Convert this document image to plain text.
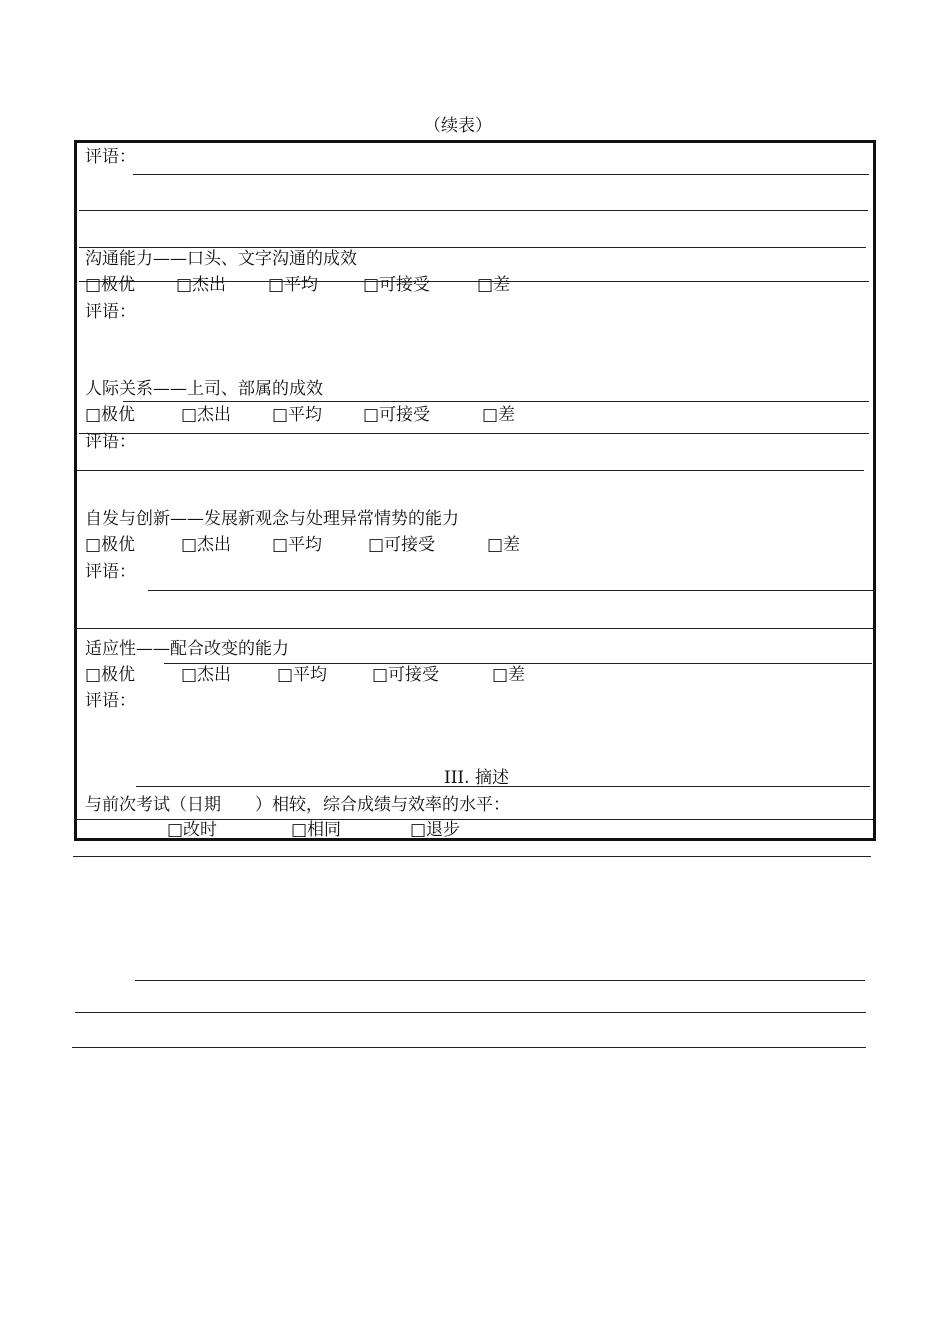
（续表）
评语：
沟通能力——口头、文字沟通的成效
□极优 □杰出 □平均	□可接受	□差
评语：
人际关系——上司、部属的成效
□极优	□杰出 □平均 □可接受	□差
评语：
自发与创新——发展新观念与处理异常情势的能力
□极优	□杰出 □平均	□可接受	□差
评语：
适应性——配合改变的能力
□极优	□杰出	□平均	□可接受	□差
评语：
III. 摘述
与前次考试（日期　　）相较，综合成绩与效率的水平：
□改时	□相同	□退步
